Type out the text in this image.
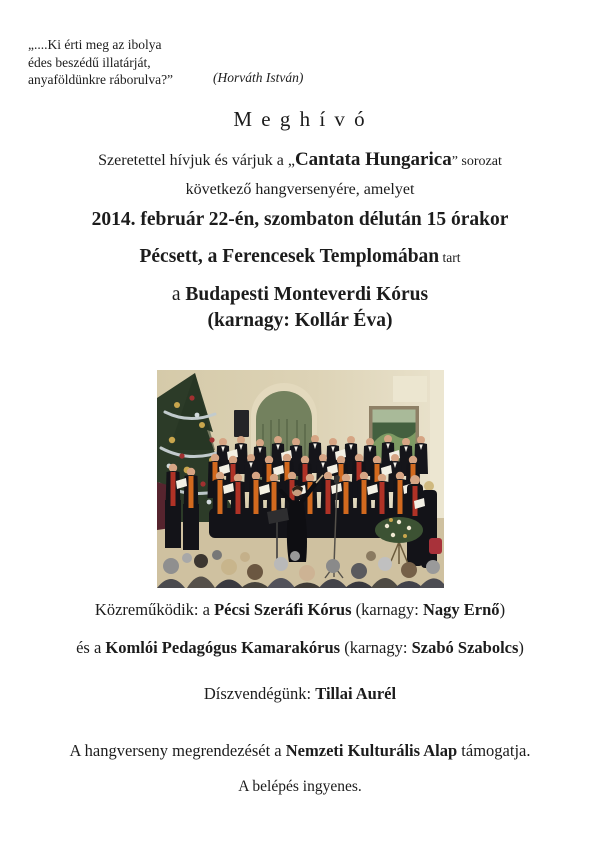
„....Ki érti meg az ibolya
édes beszédű illatárját,
anyaföldünkre ráborulva?”	(Horváth István)
M e g h í v ó
Szeretettel hívjuk és várjuk a „Cantata Hungarica” sorozat
következő hangversenyére, amelyet
2014. február 22-én, szombaton délután 15 órakor
Pécsett, a Ferencesek Templomában tart
a Budapesti Monteverdi Kórus
(karnagy: Kollár Éva)
Közreműködik: a Pécsi Szeráfi Kórus (karnagy: Nagy Ernő)
és a Komlói Pedagógus Kamarakórus (karnagy: Szabó Szabolcs)
Díszvendégünk: Tillai Aurél
A hangverseny megrendezését a Nemzeti Kulturális Alap támogatja.
A belépés ingyenes.
